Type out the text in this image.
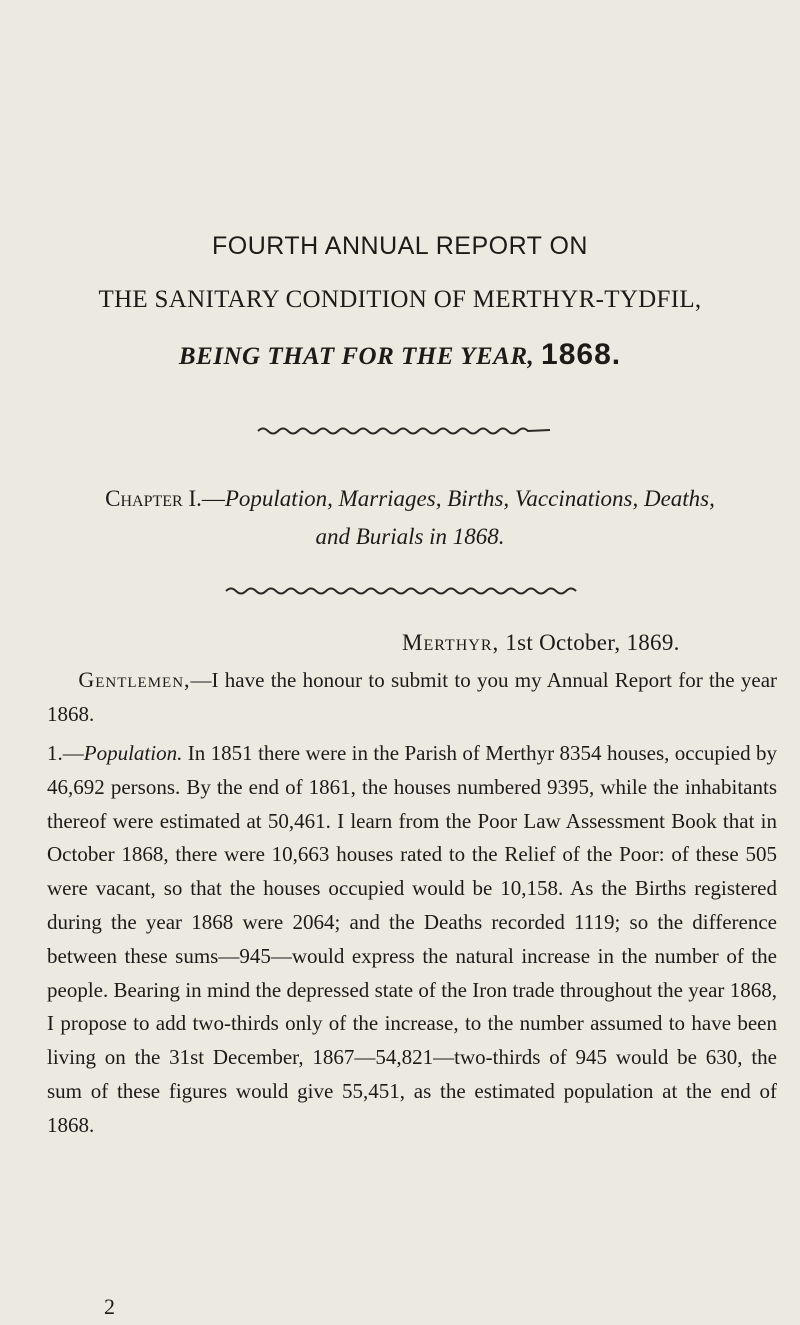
FOURTH ANNUAL REPORT ON
THE SANITARY CONDITION OF MERTHYR-TYDFIL,
BEING THAT FOR THE YEAR, 1868.
Chapter I.—Population, Marriages, Births, Vaccinations, Deaths,
and Burials in 1868.
Merthyr, 1st October, 1869.
Gentlemen,—I have the honour to submit to you my Annual Report for the year 1868.
1.—Population. In 1851 there were in the Parish of Merthyr 8354 houses, occupied by 46,692 persons. By the end of 1861, the houses numbered 9395, while the inhabitants thereof were estimated at 50,461. I learn from the Poor Law Assessment Book that in October 1868, there were 10,663 houses rated to the Relief of the Poor: of these 505 were vacant, so that the houses occupied would be 10,158. As the Births registered during the year 1868 were 2064; and the Deaths recorded 1119; so the difference between these sums—945—would express the natural increase in the number of the people. Bearing in mind the depressed state of the Iron trade throughout the year 1868, I propose to add two-thirds only of the increase, to the number assumed to have been living on the 31st December, 1867—54,821—two-thirds of 945 would be 630, the sum of these figures would give 55,451, as the estimated population at the end of 1868.
2
